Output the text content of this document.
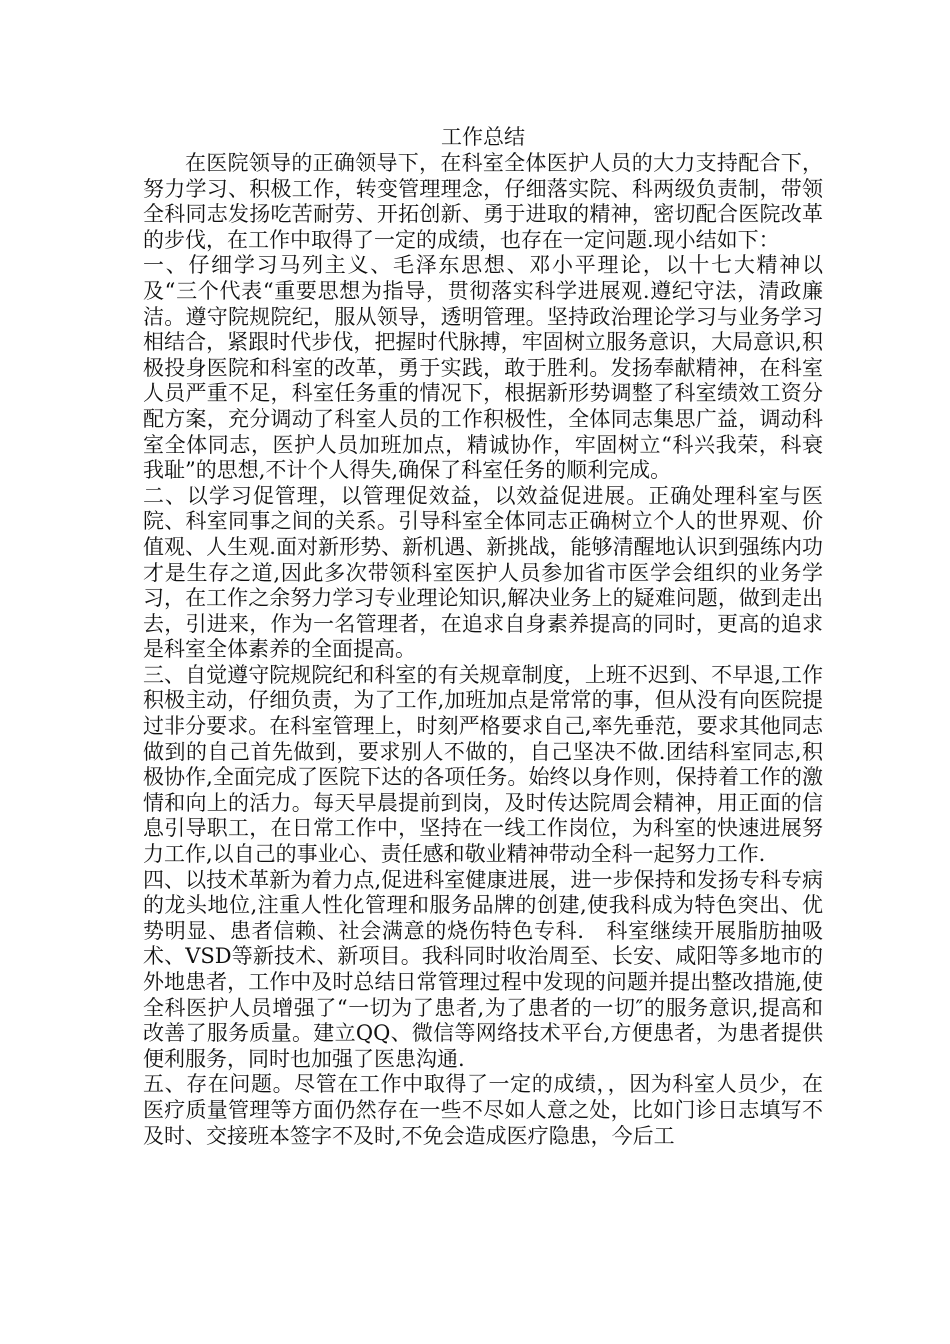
工作总结

在医院领导的正确领导下，在科室全体医护人员的大力支持配合下，努力学习、积极工作，转变管理理念，仔细落实院、科两级负责制，带领全科同志发扬吃苦耐劳、开拓创新、勇于进取的精神，密切配合医院改革的步伐，在工作中取得了一定的成绩，也存在一定问题.现小结如下：

一、仔细学习马列主义、毛泽东思想、邓小平理论，以十七大精神以及“三个代表“重要思想为指导，贯彻落实科学进展观.遵纪守法，清政廉洁。遵守院规院纪，服从领导，透明管理。坚持政治理论学习与业务学习相结合，紧跟时代步伐，把握时代脉搏，牢固树立服务意识，大局意识,积极投身医院和科室的改革，勇于实践，敢于胜利。发扬奉献精神，在科室人员严重不足，科室任务重的情况下，根据新形势调整了科室绩效工资分配方案，充分调动了科室人员的工作积极性，全体同志集思广益，调动科室全体同志，医护人员加班加点，精诚协作，牢固树立“科兴我荣，科衰我耻”的思想,不计个人得失,确保了科室任务的顺利完成。

二、以学习促管理，以管理促效益，以效益促进展。正确处理科室与医院、科室同事之间的关系。引导科室全体同志正确树立个人的世界观、价值观、人生观.面对新形势、新机遇、新挑战，能够清醒地认识到强练内功才是生存之道,因此多次带领科室医护人员参加省市医学会组织的业务学习，在工作之余努力学习专业理论知识,解决业务上的疑难问题，做到走出去，引进来，作为一名管理者，在追求自身素养提高的同时，更高的追求是科室全体素养的全面提高。

三、自觉遵守院规院纪和科室的有关规章制度，上班不迟到、不早退,工作积极主动，仔细负责，为了工作,加班加点是常常的事，但从没有向医院提过非分要求。在科室管理上，时刻严格要求自己,率先垂范，要求其他同志做到的自己首先做到，要求别人不做的，自己坚决不做.团结科室同志,积极协作,全面完成了医院下达的各项任务。始终以身作则，保持着工作的激情和向上的活力。每天早晨提前到岗，及时传达院周会精神，用正面的信息引导职工，在日常工作中，坚持在一线工作岗位，为科室的快速进展努力工作,以自己的事业心、责任感和敬业精神带动全科一起努力工作.

四、以技术革新为着力点,促进科室健康进展，进一步保持和发扬专科专病的龙头地位,注重人性化管理和服务品牌的创建,使我科成为特色突出、优势明显、患者信赖、社会满意的烧伤特色专科． 科室继续开展脂肪抽吸术、VSD等新技术、新项目。我科同时收治周至、长安、咸阳等多地市的外地患者，工作中及时总结日常管理过程中发现的问题并提出整改措施,使全科医护人员增强了“一切为了患者,为了患者的一切″的服务意识,提高和改善了服务质量。建立QQ、微信等网络技术平台,方便患者，为患者提供便利服务，同时也加强了医患沟通.

五、存在问题。尽管在工作中取得了一定的成绩，，因为科室人员少，在医疗质量管理等方面仍然存在一些不尽如人意之处，比如门诊日志填写不及时、交接班本签字不及时,不免会造成医疗隐患，今后工
